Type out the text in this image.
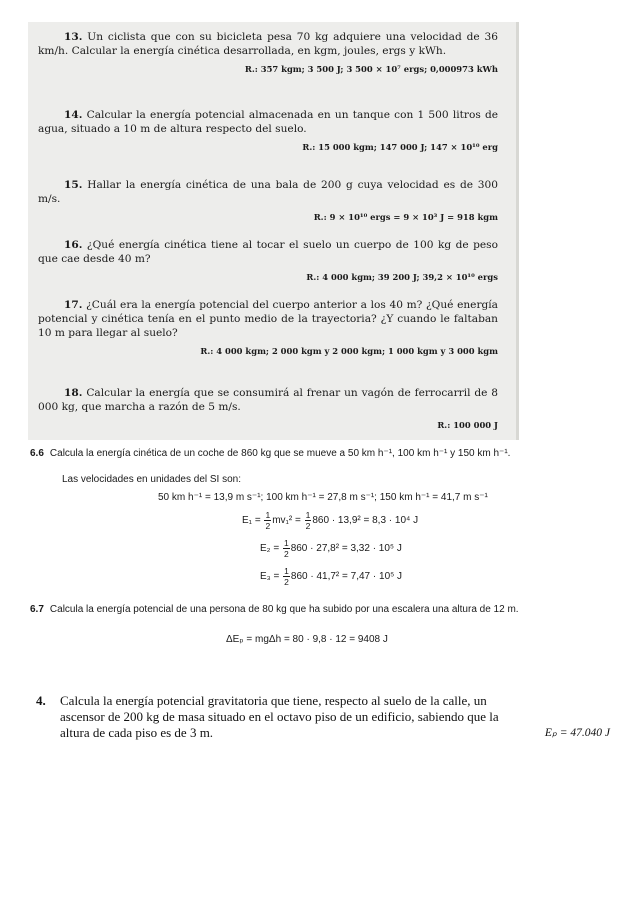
13. Un ciclista que con su bicicleta pesa 70 kg adquiere una velocidad de 36 km/h. Calcular la energía cinética desarrollada, en kgm, joules, ergs y kWh.

R.: 357 kgm; 3 500 J; 3 500 × 10⁷ ergs; 0,000973 kWh

14. Calcular la energía potencial almacenada en un tanque con 1 500 litros de agua, situado a 10 m de altura respecto del suelo.

R.: 15 000 kgm; 147 000 J; 147 × 10¹⁰ erg

15. Hallar la energía cinética de una bala de 200 g cuya velocidad es de 300 m/s.

R.: 9 × 10¹⁰ ergs = 9 × 10³ J = 918 kgm

16. ¿Qué energía cinética tiene al tocar el suelo un cuerpo de 100 kg de peso que cae desde 40 m?

R.: 4 000 kgm; 39 200 J; 39,2 × 10¹⁰ ergs

17. ¿Cuál era la energía potencial del cuerpo anterior a los 40 m? ¿Qué energía potencial y cinética tenía en el punto medio de la trayectoria? ¿Y cuando le faltaban 10 m para llegar al suelo?

R.: 4 000 kgm; 2 000 kgm y 2 000 kgm; 1 000 kgm y 3 000 kgm

18. Calcular la energía que se consumirá al frenar un vagón de ferrocarril de 8 000 kg, que marcha a razón de 5 m/s.

R.: 100 000 J
6.6 Calcula la energía cinética de un coche de 860 kg que se mueve a 50 km h⁻¹, 100 km h⁻¹ y 150 km h⁻¹.
Las velocidades en unidades del SI son:
50 km h⁻¹ = 13,9 m s⁻¹; 100 km h⁻¹ = 27,8 m s⁻¹; 150 km h⁻¹ = 41,7 m s⁻¹
$E_1 = \frac{1}{2} mv_1^2 = \frac{1}{2} 860 \cdot 13,9^2 = 8,3 \cdot 10^4$ J
$E_2 = \frac{1}{2} 860 \cdot 27,8^2 = 3,32 \cdot 10^5$ J
$E_3 = \frac{1}{2} 860 \cdot 41,7^2 = 7,47 \cdot 10^5$ J
6.7 Calcula la energía potencial de una persona de 80 kg que ha subido por una escalera una altura de 12 m.
ΔEₚ = mgΔh = 80 · 9,8 · 12 = 9408 J
4. Calcula la energía potencial gravitatoria que tiene, respecto al suelo de la calle, un ascensor de 200 kg de masa situado en el octavo piso de un edificio, sabiendo que la altura de cada piso es de 3 m.	Eₚ = 47.040 J
